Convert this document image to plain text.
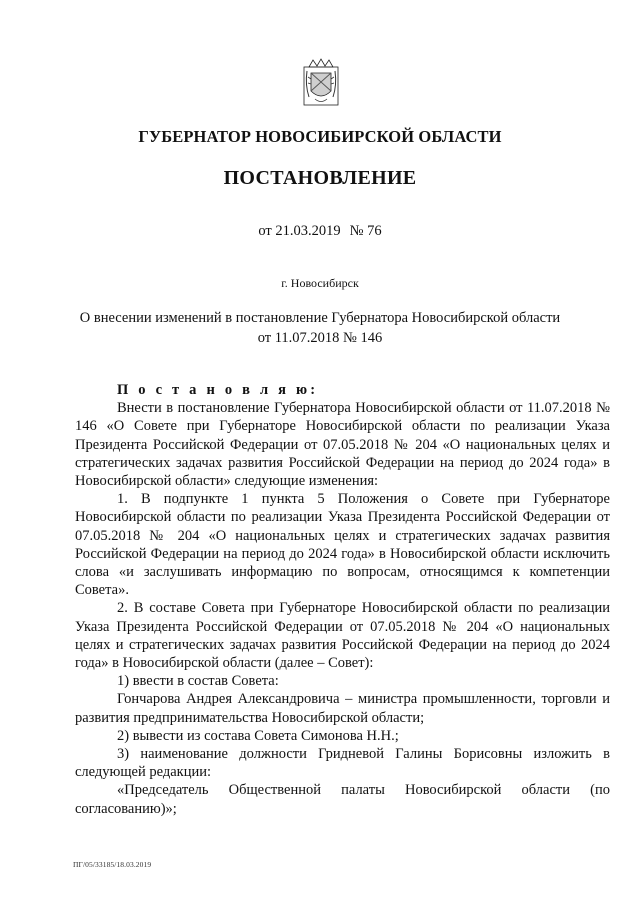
ГУБЕРНАТОР НОВОСИБИРСКОЙ ОБЛАСТИ
ПОСТАНОВЛЕНИЕ
от 21.03.2019 № 76
г. Новосибирск
О внесении изменений в постановление Губернатора Новосибирской области
от 11.07.2018 № 146

П о с т а н о в л я ю:

Внести в постановление Губернатора Новосибирской области от 11.07.2018 № 146 «О Совете при Губернаторе Новосибирской области по реализации Указа Президента Российской Федерации от 07.05.2018 № 204 «О национальных целях и стратегических задачах развития Российской Федерации на период до 2024 года» в Новосибирской области» следующие изменения:

1. В подпункте 1 пункта 5 Положения о Совете при Губернаторе Новосибирской области по реализации Указа Президента Российской Федерации от 07.05.2018 № 204 «О национальных целях и стратегических задачах развития Российской Федерации на период до 2024 года» в Новосибирской области исключить слова «и заслушивать информацию по вопросам, относящимся к компетенции Совета».

2. В составе Совета при Губернаторе Новосибирской области по реализации Указа Президента Российской Федерации от 07.05.2018 № 204 «О национальных целях и стратегических задачах развития Российской Федерации на период до 2024 года» в Новосибирской области (далее – Совет):

1) ввести в состав Совета:

Гончарова Андрея Александровича – министра промышленности, торговли и развития предпринимательства Новосибирской области;

2) вывести из состава Совета Симонова Н.Н.;

3) наименование должности Гридневой Галины Борисовны изложить в следующей редакции:

«Председатель Общественной палаты Новосибирской области (по согласованию)»;

ПГ/05/33185/18.03.2019
